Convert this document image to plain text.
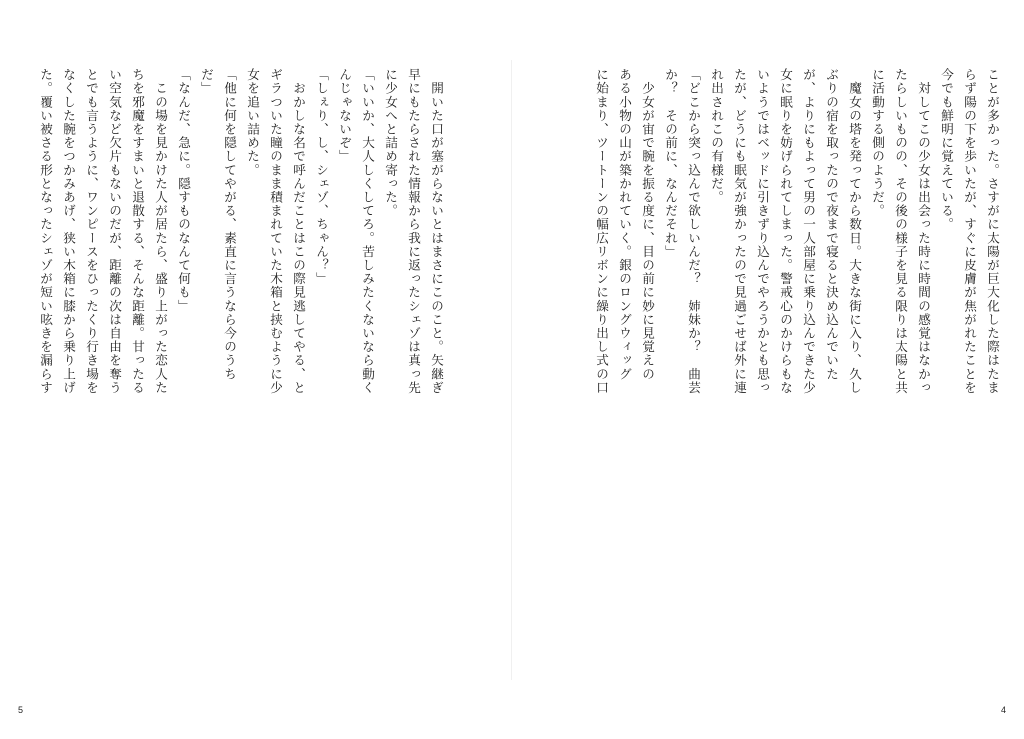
　開いた口が塞がらないとはまさにこのこと。矢継ぎ
早にもたらされた情報から我に返ったシェゾは真っ先
に少女へと詰め寄った。
「いいか、大人しくしてろ。苦しみたくないなら動く
んじゃないぞ」
「しぇり、し、シェゾ、ちゃん？」
　おかしな名で呼んだことはこの際見逃してやる、と
ギラついた瞳のまま積まれていた木箱と挟むように少
女を追い詰めた。
「他に何を隠してやがる、素直に言うなら今のうち
だ」
「なんだ、急に。隠すものなんて何も」
　この場を見かけた人が居たら、盛り上がった恋人た
ちを邪魔をすまいと退散する、そんな距離。甘ったる
い空気など欠片もないのだが、距離の次は自由を奪う
とでも言うように、ワンピースをひったくり行き場を
なくした腕をつかみあげ、狭い木箱に膝から乗り上げ
た。覆い被さる形となったシェゾが短い呟きを漏らす
5
ことが多かった。さすがに太陽が巨大化した際はたま
らず陽の下を歩いたが、すぐに皮膚が焦がれたことを
今でも鮮明に覚えている。
　対してこの少女は出会った時に時間の感覚はなかっ
たらしいものの、その後の様子を見る限りは太陽と共
に活動する側のようだ。
　魔女の塔を発ってから数日。大きな街に入り、久し
ぶりの宿を取ったので夜まで寝ると決め込んでいた
が、よりにもよって男の一人部屋に乗り込んできた少
女に眠りを妨げられてしまった。警戒心のかけらもな
いようではベッドに引きずり込んでやろうかとも思っ
たが、どうにも眠気が強かったので見過ごせば外に連
れ出されこの有様だ。
「どこから突っ込んで欲しいんだ？　姉妹か？　曲芸
か？　その前に、なんだそれ」
　少女が宙で腕を振る度に、目の前に妙に見覚えの
ある小物の山が築かれていく。銀のロングウィッグ
に始まり、ツートーンの幅広リボンに繰り出し式の口
4
